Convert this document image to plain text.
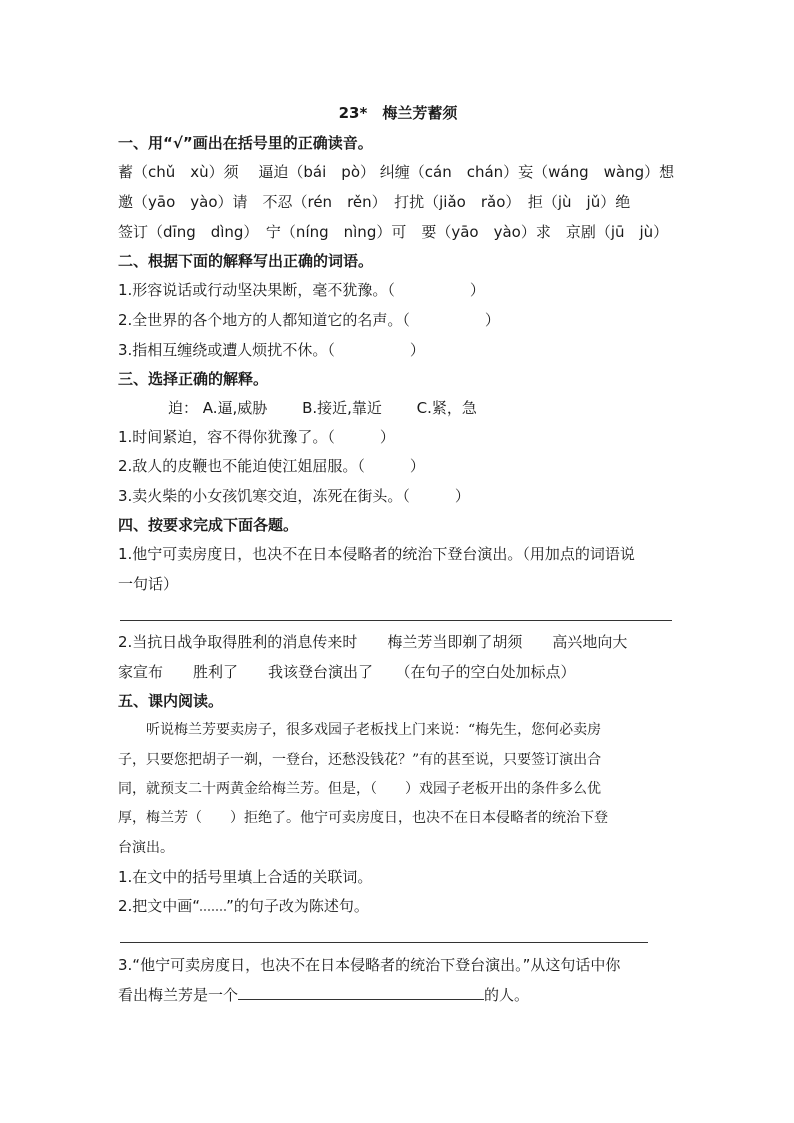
23*　梅兰芳蓄须
一、用“√”画出在括号里的正确读音。
蓄（chǔ　xù）须　 逼迫（bái　pò） 纠缠（cán　chán）妄（wáng　wàng）想
邀（yāo　yào）请　不忍（rén　rěn）　打扰（jiǎo　rǎo）　拒（jù　jǔ）绝
签订（dīng　dìng）　宁（níng　nìng）可　要（yāo　yào）求　京剧（jū　jù）
二、根据下面的解释写出正确的词语。
1.形容说话或行动坚决果断，毫不犹豫。（　　　　　）
2.全世界的各个地方的人都知道它的名声。（　　　　　）
3.指相互缠绕或遭人烦扰不休。（　　　　　）
三、选择正确的解释。
迫： A.逼,威胁　　 B.接近,靠近　　 C.紧，急
1.时间紧迫，容不得你犹豫了。（　　　）
2.敌人的皮鞭也不能迫使江姐屈服。（　　　）
3.卖火柴的小女孩饥寒交迫，冻死在街头。（　　　）
四、按要求完成下面各题。
1.他宁可卖房度日，也决不在日本侵略者的统治下登台演出。（用加点的词语说
一句话）
2.当抗日战争取得胜利的消息传来时　　梅兰芳当即剃了胡须　　高兴地向大
家宣布　　胜利了　　我该登台演出了　　（在句子的空白处加标点）
五、课内阅读。
　　听说梅兰芳要卖房子，很多戏园子老板找上门来说：“梅先生，您何必卖房
子，只要您把胡子一剃，一登台，还愁没钱花？”有的甚至说，只要签订演出合
同，就预支二十两黄金给梅兰芳。但是，（　　）戏园子老板开出的条件多么优
厚，梅兰芳（　　）拒绝了。他宁可卖房度日，也决不在日本侵略者的统治下登
台演出。
1.在文中的括号里填上合适的关联词。
2.把文中画“ ”的句子改为陈述句。
3.“他宁可卖房度日，也决不在日本侵略者的统治下登台演出。”从这句话中你
看出梅兰芳是一个	的人。
